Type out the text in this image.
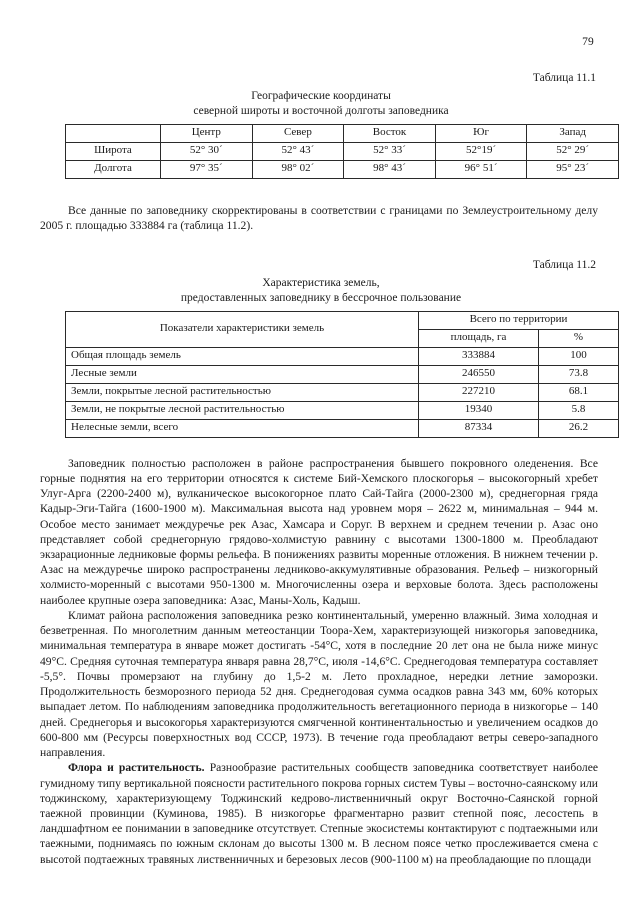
79
Таблица 11.1
Географические координаты
северной широты и восточной долготы заповедника
	Центр	Север	Восток	Юг	Запад
Широта	52° 30´	52° 43´	52° 33´	52°19´	52° 29´
Долгота	97° 35´	98° 02´	98° 43´	96° 51´	95° 23´

Все данные по заповеднику скорректированы в соответствии с границами по Землеустроительному делу 2005 г. площадью 333884 га (таблица 11.2).

Таблица 11.2
Характеристика земель,
предоставленных заповеднику в бессрочное пользование
Показатели характеристики земель	Всего по территории	
	площадь, га	%
Общая площадь земель	333884	100
Лесные земли	246550	73.8
Земли, покрытые лесной растительностью	227210	68.1
Земли, не покрытые лесной растительностью	19340	5.8
Нелесные земли, всего	87334	26.2

Заповедник полностью расположен в районе распространения бывшего покровного оледенения. Все горные поднятия на его территории относятся к системе Бий-Хемского плоскогорья – высокогорный хребет Улуг-Арга (2200-2400 м), вулканическое высокогорное плато Сай-Тайга (2000-2300 м), среднегорная гряда Кадыр-Эги-Тайга (1600-1900 м). Максимальная высота над уровнем моря – 2622 м, минимальная – 944 м. Особое место занимает междуречье рек Азас, Хамсара и Соруг. В верхнем и среднем течении р. Азас оно представляет собой среднегорную грядово-холмистую равнину с высотами 1300-1800 м. Преобладают экзарационные ледниковые формы рельефа. В понижениях развиты моренные отложения. В нижнем течении р. Азас на междуречье широко распространены ледниково-аккумулятивные образования. Рельеф – низкогорный холмисто-моренный с высотами 950-1300 м. Многочисленны озера и верховые болота. Здесь расположены наиболее крупные озера заповедника: Азас, Маны-Холь, Кадыш.

Климат района расположения заповедника резко континентальный, умеренно влажный. Зима холодная и безветренная. По многолетним данным метеостанции Тоора-Хем, характеризующей низкогорья заповедника, минимальная температура в январе может достигать -54°С, хотя в последние 20 лет она не была ниже минус 49°С. Средняя суточная температура января равна 28,7°С, июля -14,6°С. Среднегодовая температура составляет -5,5°. Почвы промерзают на глубину до 1,5-2 м. Лето прохладное, нередки летние заморозки. Продолжительность безморозного периода 52 дня. Среднегодовая сумма осадков равна 343 мм, 60% которых выпадает летом. По наблюдениям заповедника продолжительность вегетационного периода в низкогорье – 140 дней. Среднегорья и высокогорья характеризуются смягченной континентальностью и увеличением осадков до 600-800 мм (Ресурсы поверхностных вод СССР, 1973). В течение года преобладают ветры северо-западного направления.

Флора и растительность. Разнообразие растительных сообществ заповедника соответствует наиболее гумидному типу вертикальной поясности растительного покрова горных систем Тувы – восточно-саянскому или тоджинскому, характеризующему Тоджинский кедрово-лиственничный округ Восточно-Саянской горной таежной провинции (Куминова, 1985). В низкогорье фрагментарно развит степной пояс, лесостепь в ландшафтном ее понимании в заповеднике отсутствует. Степные экосистемы контактируют с подтаежными или таежными, поднимаясь по южным склонам до высоты 1300 м. В лесном поясе четко прослеживается смена с высотой подтаежных травяных лиственничных и березовых лесов (900-1100 м) на преобладающие по площади
